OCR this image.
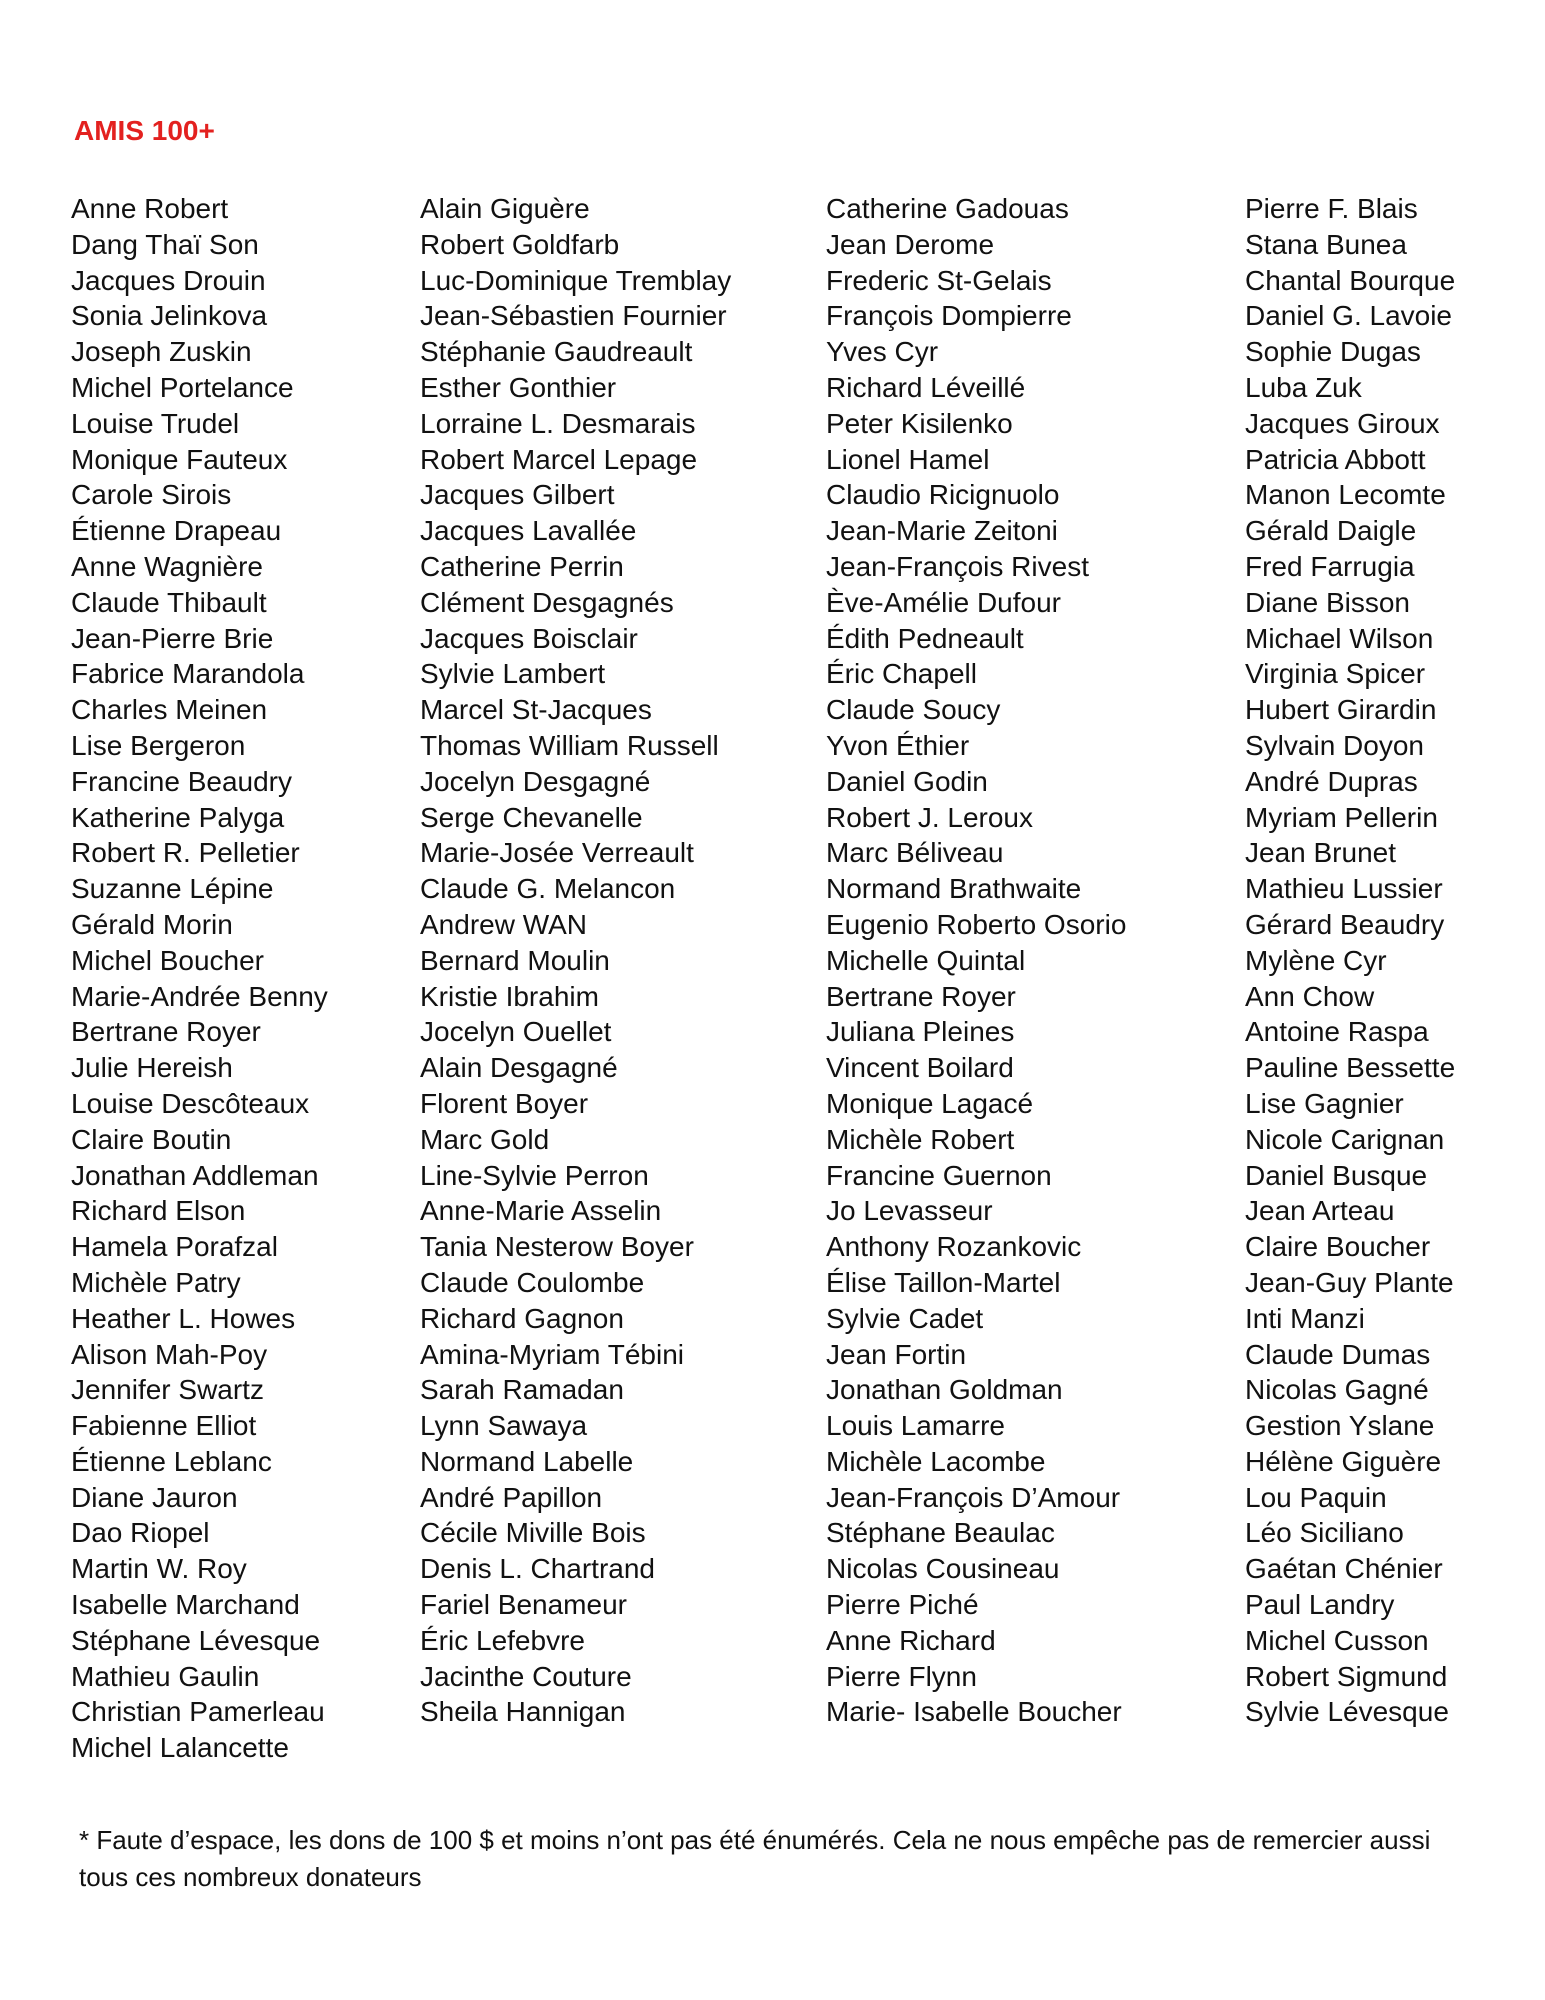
AMIS 100+
Anne Robert
Dang Thaï Son
Jacques Drouin
Sonia Jelinkova
Joseph Zuskin
Michel Portelance
Louise Trudel
Monique Fauteux
Carole Sirois
Étienne Drapeau
Anne Wagnière
Claude Thibault
Jean-Pierre Brie
Fabrice Marandola
Charles Meinen
Lise Bergeron
Francine Beaudry
Katherine Palyga
Robert R. Pelletier
Suzanne Lépine
Gérald Morin
Michel Boucher
Marie-Andrée Benny
Bertrane Royer
Julie Hereish
Louise Descôteaux
Claire Boutin
Jonathan Addleman
Richard Elson
Hamela Porafzal
Michèle Patry
Heather L. Howes
Alison Mah-Poy
Jennifer Swartz
Fabienne Elliot
Étienne Leblanc
Diane Jauron
Dao Riopel
Martin W. Roy
Isabelle Marchand
Stéphane Lévesque
Mathieu Gaulin
Christian Pamerleau
Michel Lalancette
Alain Giguère
Robert Goldfarb
Luc-Dominique Tremblay
Jean-Sébastien Fournier
Stéphanie Gaudreault
Esther Gonthier
Lorraine L. Desmarais
Robert Marcel Lepage
Jacques Gilbert
Jacques Lavallée
Catherine Perrin
Clément Desgagnés
Jacques Boisclair
Sylvie Lambert
Marcel St-Jacques
Thomas William Russell
Jocelyn Desgagné
Serge Chevanelle
Marie-Josée Verreault
Claude G. Melancon
Andrew WAN
Bernard Moulin
Kristie Ibrahim
Jocelyn Ouellet
Alain Desgagné
Florent Boyer
Marc Gold
Line-Sylvie Perron
Anne-Marie Asselin
Tania Nesterow Boyer
Claude Coulombe
Richard Gagnon
Amina-Myriam Tébini
Sarah Ramadan
Lynn Sawaya
Normand Labelle
André Papillon
Cécile Miville Bois
Denis L. Chartrand
Fariel Benameur
Éric Lefebvre
Jacinthe Couture
Sheila Hannigan
Catherine Gadouas
Jean Derome
Frederic St-Gelais
François Dompierre
Yves Cyr
Richard Léveillé
Peter Kisilenko
Lionel Hamel
Claudio Ricignuolo
Jean-Marie Zeitoni
Jean-François Rivest
Ève-Amélie Dufour
Édith Pedneault
Éric Chapell
Claude Soucy
Yvon Éthier
Daniel Godin
Robert J. Leroux
Marc Béliveau
Normand Brathwaite
Eugenio Roberto Osorio
Michelle Quintal
Bertrane Royer
Juliana Pleines
Vincent Boilard
Monique Lagacé
Michèle Robert
Francine Guernon
Jo Levasseur
Anthony Rozankovic
Élise Taillon-Martel
Sylvie Cadet
Jean Fortin
Jonathan Goldman
Louis Lamarre
Michèle Lacombe
Jean-François D’Amour
Stéphane Beaulac
Nicolas Cousineau
Pierre Piché
Anne Richard
Pierre Flynn
Marie- Isabelle Boucher
Pierre F. Blais
Stana Bunea
Chantal Bourque
Daniel G. Lavoie
Sophie Dugas
Luba Zuk
Jacques Giroux
Patricia Abbott
Manon Lecomte
Gérald Daigle
Fred Farrugia
Diane Bisson
Michael Wilson
Virginia Spicer
Hubert Girardin
Sylvain Doyon
André Dupras
Myriam Pellerin
Jean Brunet
Mathieu Lussier
Gérard Beaudry
Mylène Cyr
Ann Chow
Antoine Raspa
Pauline Bessette
Lise Gagnier
Nicole Carignan
Daniel Busque
Jean Arteau
Claire Boucher
Jean-Guy Plante
Inti Manzi
Claude Dumas
Nicolas Gagné
Gestion Yslane
Hélène Giguère
Lou Paquin
Léo Siciliano
Gaétan Chénier
Paul Landry
Michel Cusson
Robert Sigmund
Sylvie Lévesque

* Faute d’espace, les dons de 100 $ et moins n’ont pas été énumérés. Cela ne nous empêche pas de remercier aussi tous ces nombreux donateurs
